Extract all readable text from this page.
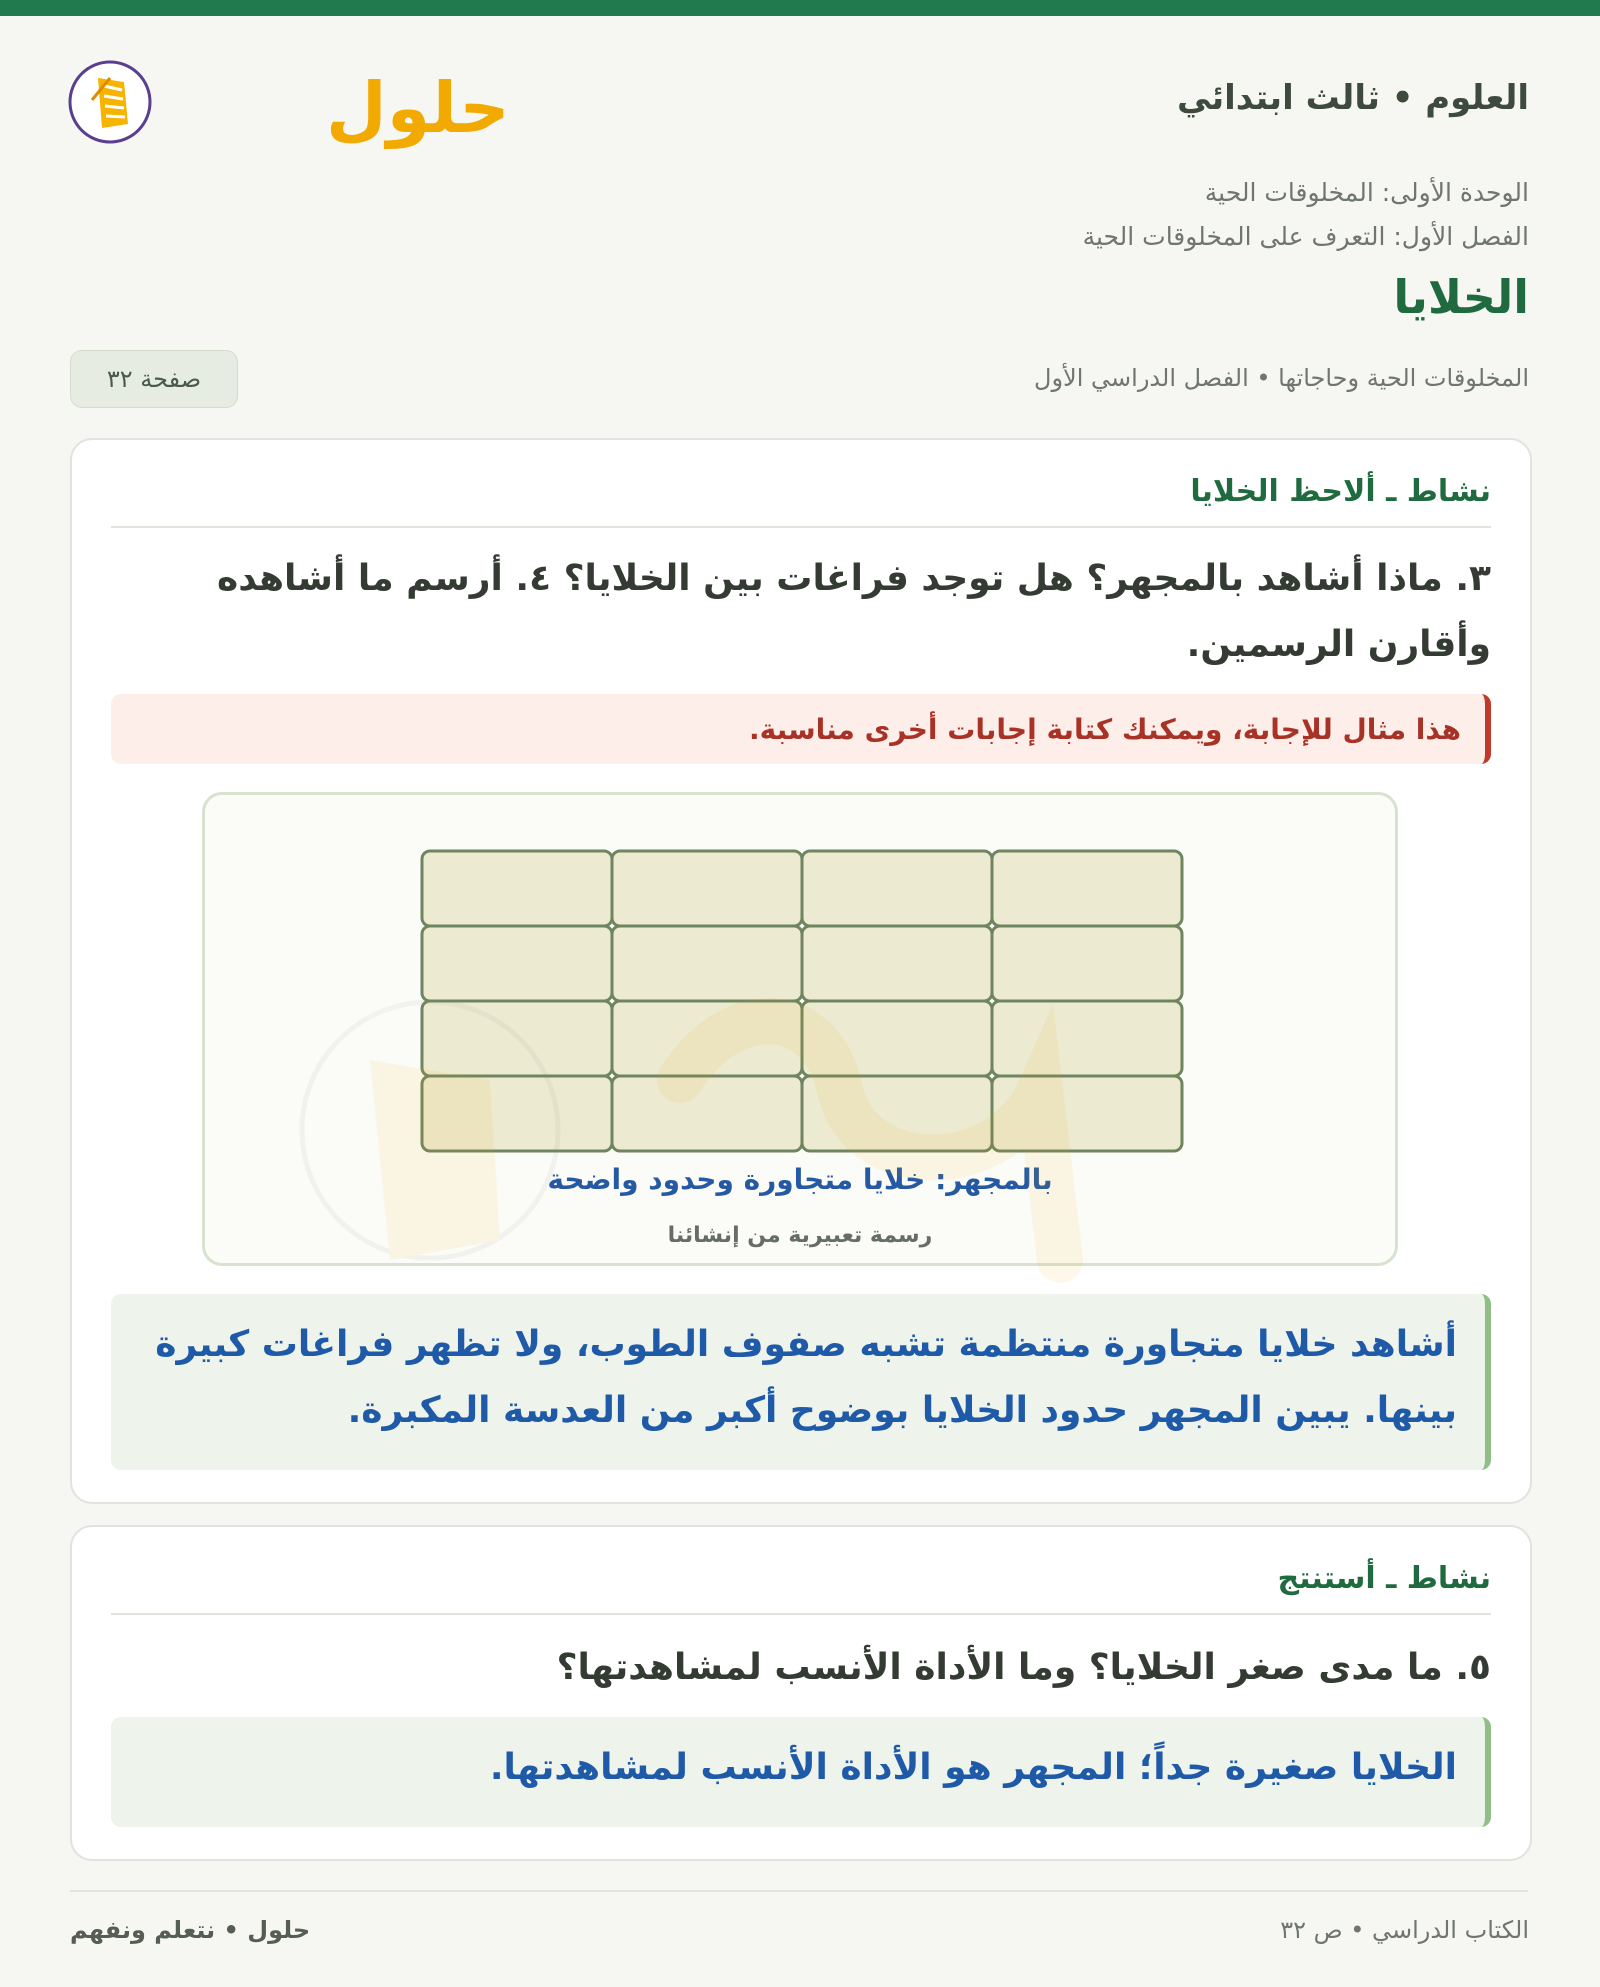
حلول	العلوم • ثالث ابتدائي
الوحدة الأولى: المخلوقات الحية
الفصل الأول: التعرف على المخلوقات الحية
الخلايا
المخلوقات الحية وحاجاتها • الفصل الدراسي الأول
صفحة ٣٢
نشاط ـ ألاحظ الخلايا
٣. ماذا أشاهد بالمجهر؟ هل توجد فراغات بين الخلايا؟ ٤. أرسم ما أشاهده وأقارن الرسمين.
هذا مثال للإجابة، ويمكنك كتابة إجابات أخرى مناسبة.
بالمجهر: خلايا متجاورة وحدود واضحة
رسمة تعبيرية من إنشائنا
أشاهد خلايا متجاورة منتظمة تشبه صفوف الطوب، ولا تظهر فراغات كبيرة بينها. يبين المجهر حدود الخلايا بوضوح أكبر من العدسة المكبرة.
نشاط ـ أستنتج
٥. ما مدى صغر الخلايا؟ وما الأداة الأنسب لمشاهدتها؟
الخلايا صغيرة جداً؛ المجهر هو الأداة الأنسب لمشاهدتها.
الكتاب الدراسي • ص ٣٢
حلول • نتعلم ونفهم
